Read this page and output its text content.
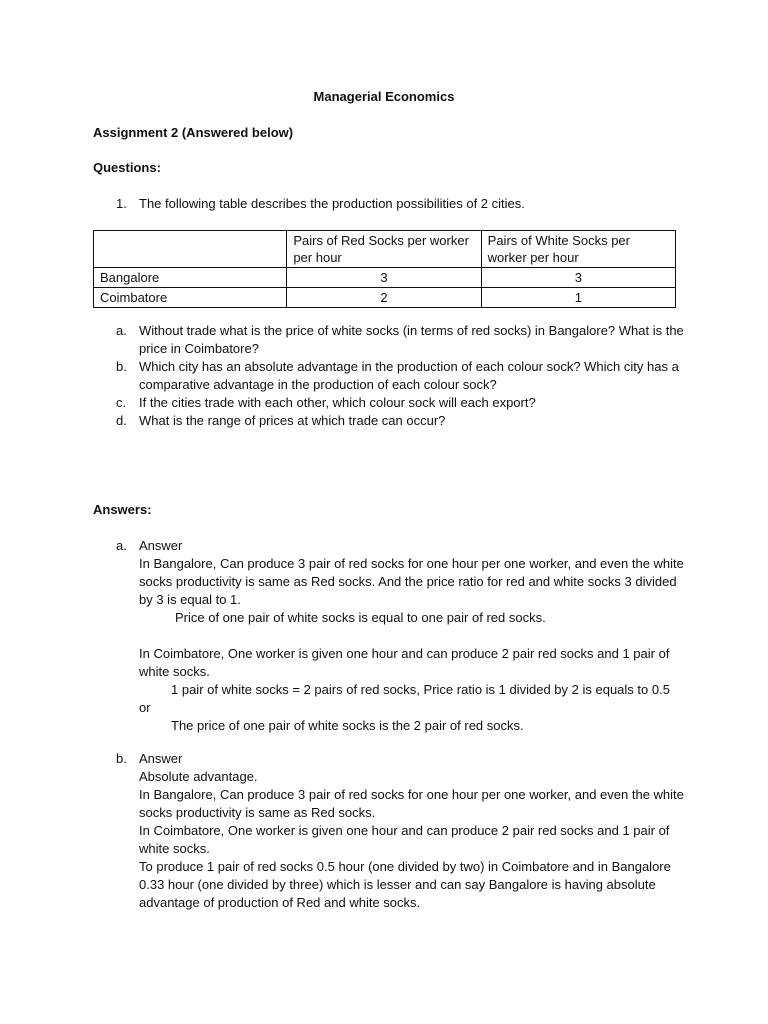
Managerial Economics
Assignment 2 (Answered below)
Questions:
1. The following table describes the production possibilities of 2 cities.
	Pairs of Red Socks per worker per hour	Pairs of White Socks per worker per hour
Bangalore	3	3
Coimbatore	2	1
a. Without trade what is the price of white socks (in terms of red socks) in Bangalore? What is the price in Coimbatore?
b. Which city has an absolute advantage in the production of each colour sock? Which city has a comparative advantage in the production of each colour sock?
c. If the cities trade with each other, which colour sock will each export?
d. What is the range of prices at which trade can occur?
Answers:
a. Answer
In Bangalore, Can produce 3 pair of red socks for one hour per one worker, and even the white socks productivity is same as Red socks. And the price ratio for red and white socks 3 divided by 3 is equal to 1.
Price of one pair of white socks is equal to one pair of red socks.
In Coimbatore, One worker is given one hour and can produce 2 pair red socks and 1 pair of white socks.
1 pair of white socks = 2 pairs of red socks, Price ratio is 1 divided by 2 is equals to 0.5 or
The price of one pair of white socks is the 2 pair of red socks.
b. Answer
Absolute advantage.
In Bangalore, Can produce 3 pair of red socks for one hour per one worker, and even the white socks productivity is same as Red socks.
In Coimbatore, One worker is given one hour and can produce 2 pair red socks and 1 pair of white socks.
To produce 1 pair of red socks 0.5 hour (one divided by two) in Coimbatore and in Bangalore 0.33 hour (one divided by three) which is lesser and can say Bangalore is having absolute advantage of production of Red and white socks.
